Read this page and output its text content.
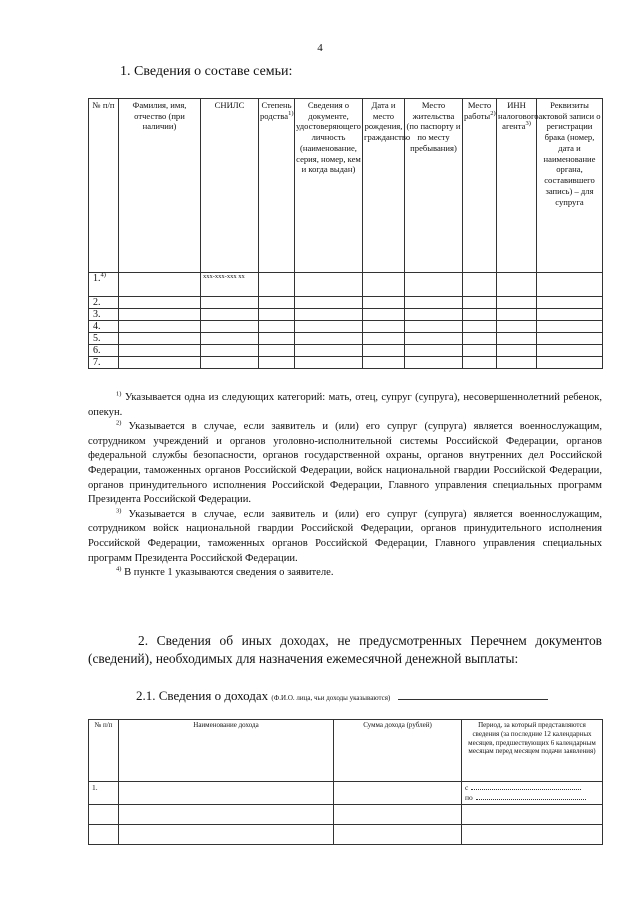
4
1. Сведения о составе семьи:
№ п/п	Фамилия, имя, отчество (при наличии)	СНИЛС	Степень родства$^{1)}$	Сведения о документе, удостоверяющего личность (наименование, серия, номер, кем и когда выдан)	Дата и место рождения, гражданство	Место жительства (по паспорту и по месту пребывания)	Место работы$^{2)}$	ИНН налогового агента$^{3)}$	Реквизиты актовой записи о регистрации брака (номер, дата и наименование органа, составившего запись) – для супруга
1.$^{4)}$		xxx-xxx-xxx xx							
2.									
3.									
4.									
5.									
6.									
7.									

$^{1)}$ Указывается одна из следующих категорий: мать, отец, супруг (супруга), несовершеннолетний ребенок, опекун.

$^{2)}$ Указывается в случае, если заявитель и (или) его супруг (супруга) является военнослужащим, сотрудником учреждений и органов уголовно-исполнительной системы Российской Федерации, органов федеральной службы безопасности, органов государственной охраны, органов внутренних дел Российской Федерации, таможенных органов Российской Федерации, войск национальной гвардии Российской Федерации, органов принудительного исполнения Российской Федерации, Главного управления специальных программ Президента Российской Федерации.

$^{3)}$ Указывается в случае, если заявитель и (или) его супруг (супруга) является военнослужащим, сотрудником войск национальной гвардии Российской Федерации, органов принудительного исполнения Российской Федерации, таможенных органов Российской Федерации, Главного управления специальных программ Президента Российской Федерации.

$^{4)}$ В пункте 1 указываются сведения о заявителе.

2. Сведения об иных доходах, не предусмотренных Перечнем документов (сведений), необходимых для назначения ежемесячной денежной выплаты:
2.1. Сведения о доходах (Ф.И.О. лица, чьи доходы указываются)
№ п/п	Наименование дохода	Сумма дохода (рублей)	Период, за который представляются сведения (за последние 12 календарных месяцев, предшествующих 6 календарным месяцам перед месяцем подачи заявления)
1.			с
по
